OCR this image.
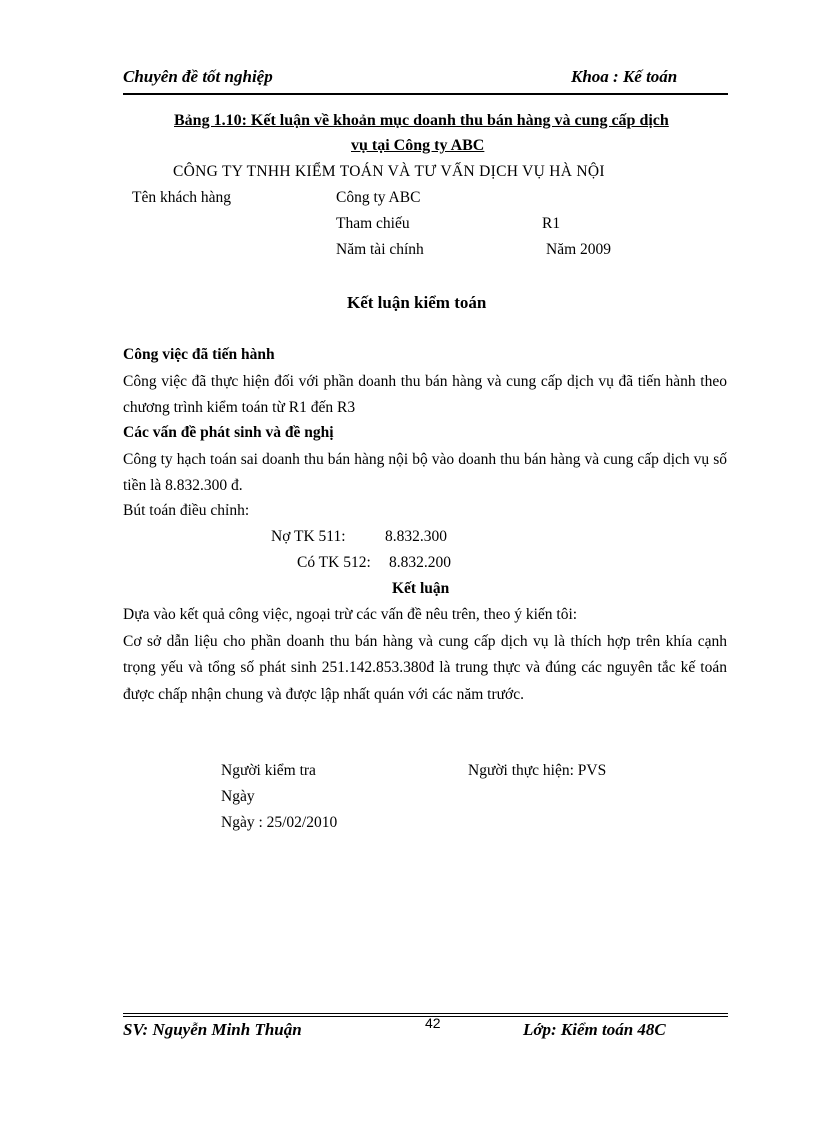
Chuyên đề tốt nghiệp	Khoa : Kế toán
Bảng 1.10: Kết luận về khoản mục doanh thu bán hàng và cung cấp dịch
vụ tại Công ty ABC
CÔNG TY TNHH KIỂM TOÁN VÀ TƯ VẤN DỊCH VỤ HÀ NỘI
Tên khách hàng	Công ty ABC
Tham chiếu	R1
Năm tài chính	Năm 2009
Kết luận kiểm toán
Công việc đã tiến hành
Công việc đã thực hiện đối với phần doanh thu bán hàng và cung cấp dịch vụ đã tiến hành theo chương trình kiểm toán từ R1 đến R3
Các vấn đề phát sinh và đề nghị
Công ty hạch toán sai doanh thu bán hàng nội bộ vào doanh thu bán hàng và cung cấp dịch vụ số tiền là 8.832.300 đ.
Bút toán điều chỉnh:
Nợ TK 511:	8.832.300
Có TK 512: 8.832.200
Kết luận
Dựa vào kết quả công việc, ngoại trừ các vấn đề nêu trên, theo ý kiến tôi:
Cơ sở dẫn liệu cho phần doanh thu bán hàng và cung cấp dịch vụ là thích hợp trên khía cạnh trọng yếu và tổng số phát sinh 251.142.853.380đ là trung thực và đúng các nguyên tắc kế toán được chấp nhận chung và được lập nhất quán với các năm trước.
Người kiểm tra	Người thực hiện: PVS
Ngày
Ngày : 25/02/2010
SV: Nguyễn Minh Thuận	42	Lớp: Kiểm toán 48C
